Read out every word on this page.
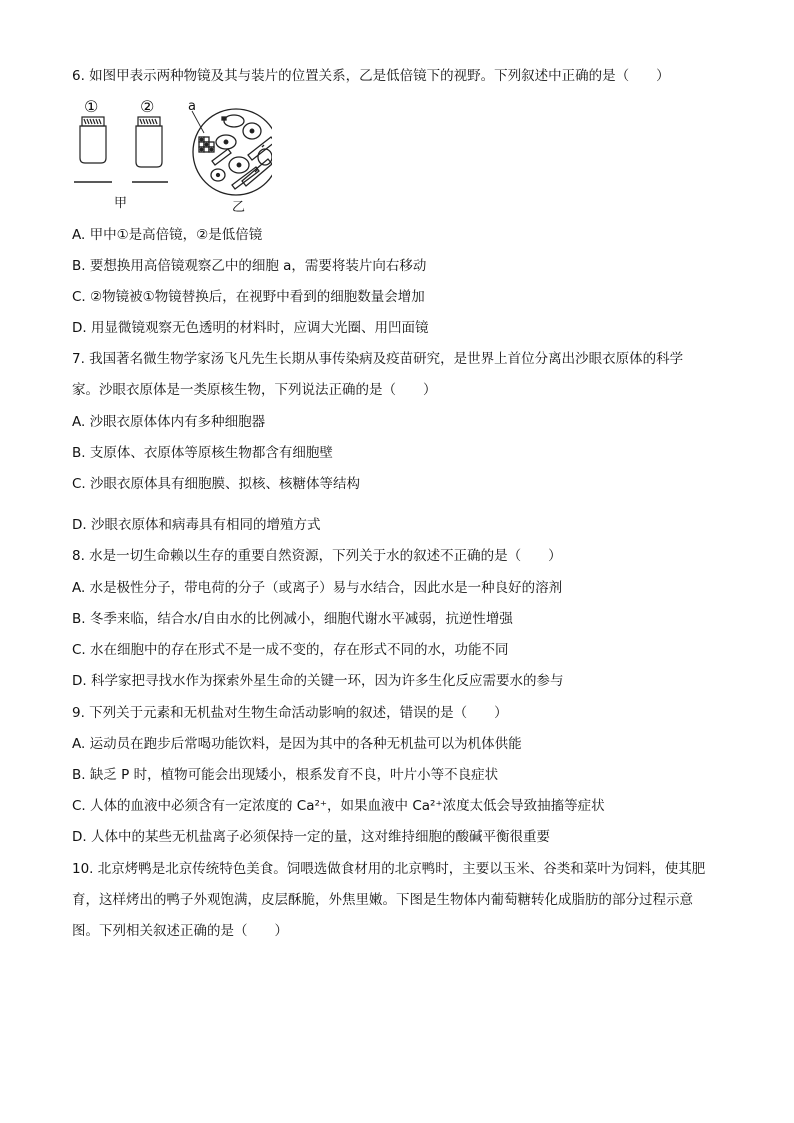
6. 如图甲表示两种物镜及其与装片的位置关系，乙是低倍镜下的视野。下列叙述中正确的是（　　）
①	②	a
甲	乙
A. 甲中①是高倍镜，②是低倍镜
B. 要想换用高倍镜观察乙中的细胞 a，需要将装片向右移动
C. ②物镜被①物镜替换后，在视野中看到的细胞数量会增加
D. 用显微镜观察无色透明的材料时，应调大光圈、用凹面镜
7. 我国著名微生物学家汤飞凡先生长期从事传染病及疫苗研究，是世界上首位分离出沙眼衣原体的科学
家。沙眼衣原体是一类原核生物，下列说法正确的是（　　）
A. 沙眼衣原体体内有多种细胞器
B. 支原体、衣原体等原核生物都含有细胞壁
C. 沙眼衣原体具有细胞膜、拟核、核糖体等结构
D. 沙眼衣原体和病毒具有相同的增殖方式
8. 水是一切生命赖以生存的重要自然资源，下列关于水的叙述不正确的是（　　）
A. 水是极性分子，带电荷的分子（或离子）易与水结合，因此水是一种良好的溶剂
B. 冬季来临，结合水/自由水的比例减小，细胞代谢水平减弱，抗逆性增强
C. 水在细胞中的存在形式不是一成不变的，存在形式不同的水，功能不同
D. 科学家把寻找水作为探索外星生命的关键一环，因为许多生化反应需要水的参与
9. 下列关于元素和无机盐对生物生命活动影响的叙述，错误的是（　　）
A. 运动员在跑步后常喝功能饮料，是因为其中的各种无机盐可以为机体供能
B. 缺乏 P 时，植物可能会出现矮小，根系发育不良，叶片小等不良症状
C. 人体的血液中必须含有一定浓度的 Ca²⁺，如果血液中 Ca²⁺浓度太低会导致抽搐等症状
D. 人体中的某些无机盐离子必须保持一定的量，这对维持细胞的酸碱平衡很重要
10. 北京烤鸭是北京传统特色美食。饲喂选做食材用的北京鸭时，主要以玉米、谷类和菜叶为饲料，使其肥
育，这样烤出的鸭子外观饱满，皮层酥脆，外焦里嫩。下图是生物体内葡萄糖转化成脂肪的部分过程示意
图。下列相关叙述正确的是（　　）
